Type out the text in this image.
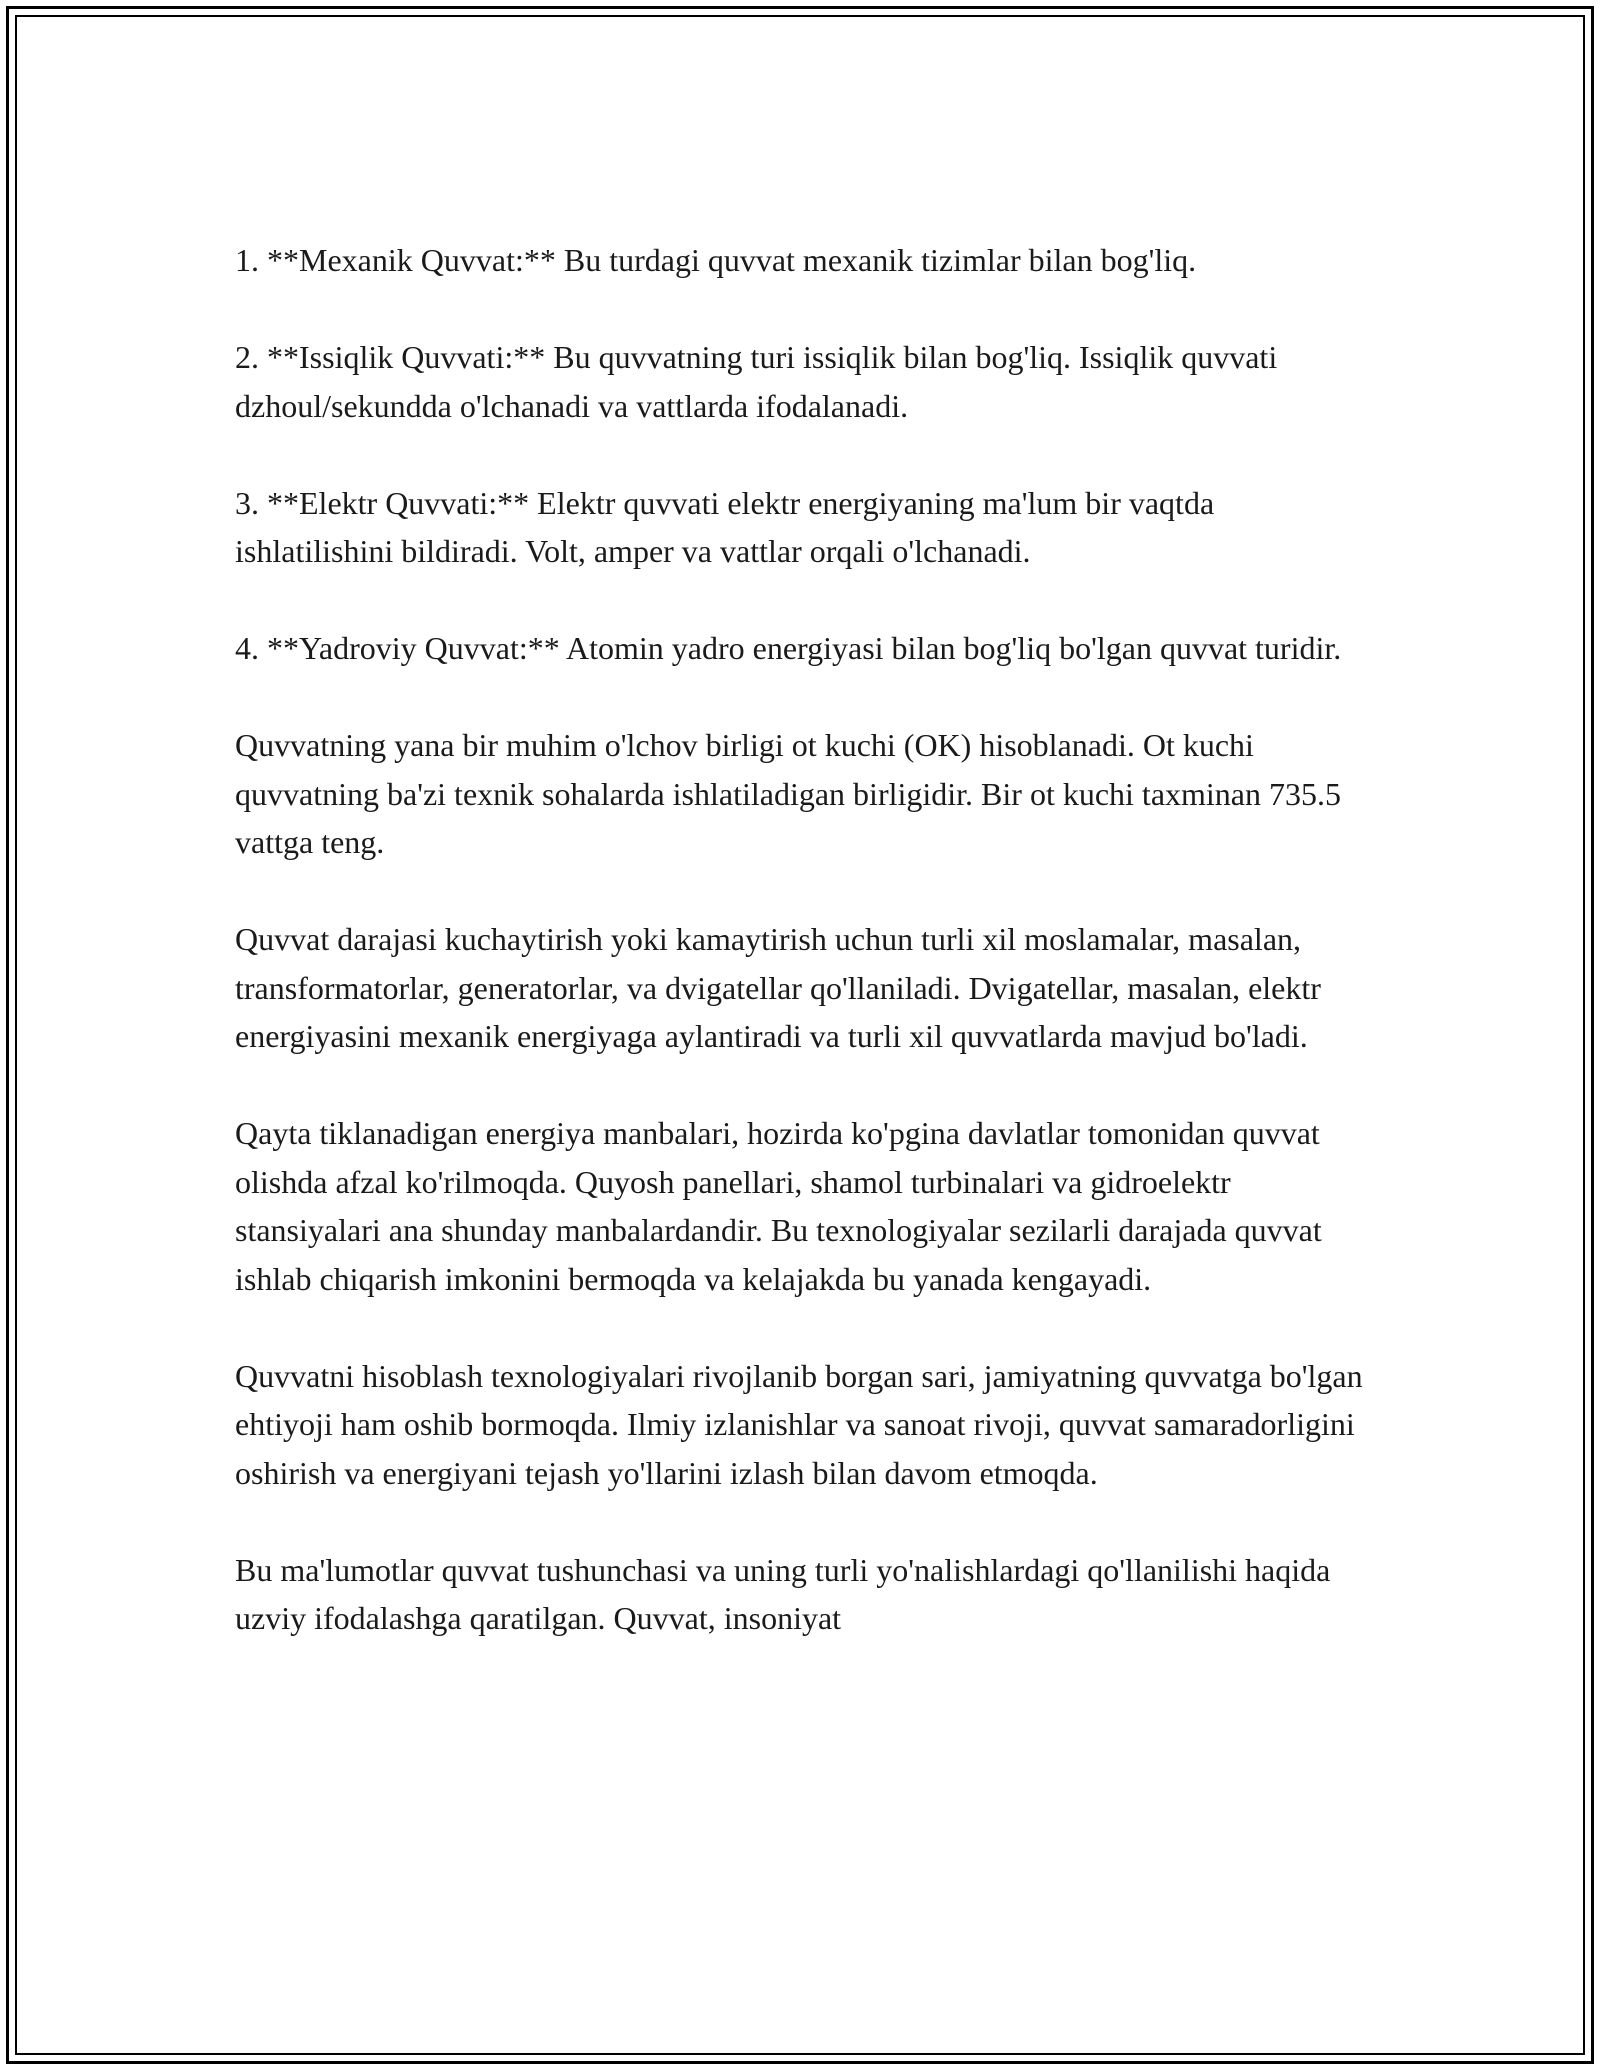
1. **Mexanik Quvvat:** Bu turdagi quvvat mexanik tizimlar bilan bog'liq.

2. **Issiqlik Quvvati:** Bu quvvatning turi issiqlik bilan bog'liq. Issiqlik quvvati dzhoul/sekundda o'lchanadi va vattlarda ifodalanadi.

3. **Elektr Quvvati:** Elektr quvvati elektr energiyaning ma'lum bir vaqtda ishlatilishini bildiradi. Volt, amper va vattlar orqali o'lchanadi.

4. **Yadroviy Quvvat:** Atomin yadro energiyasi bilan bog'liq bo'lgan quvvat turidir.

Quvvatning yana bir muhim o'lchov birligi ot kuchi (OK) hisoblanadi. Ot kuchi quvvatning ba'zi texnik sohalarda ishlatiladigan birligidir. Bir ot kuchi taxminan 735.5 vattga teng.

Quvvat darajasi kuchaytirish yoki kamaytirish uchun turli xil moslamalar, masalan, transformatorlar, generatorlar, va dvigatellar qo'llaniladi. Dvigatellar, masalan, elektr energiyasini mexanik energiyaga aylantiradi va turli xil quvvatlarda mavjud bo'ladi.

Qayta tiklanadigan energiya manbalari, hozirda ko'pgina davlatlar tomonidan quvvat olishda afzal ko'rilmoqda. Quyosh panellari, shamol turbinalari va gidroelektr stansiyalari ana shunday manbalardandir. Bu texnologiyalar sezilarli darajada quvvat ishlab chiqarish imkonini bermoqda va kelajakda bu yanada kengayadi.

Quvvatni hisoblash texnologiyalari rivojlanib borgan sari, jamiyatning quvvatga bo'lgan ehtiyoji ham oshib bormoqda. Ilmiy izlanishlar va sanoat rivoji, quvvat samaradorligini oshirish va energiyani tejash yo'llarini izlash bilan davom etmoqda.

Bu ma'lumotlar quvvat tushunchasi va uning turli yo'nalishlardagi qo'llanilishi haqida uzviy ifodalashga qaratilgan. Quvvat, insoniyat
